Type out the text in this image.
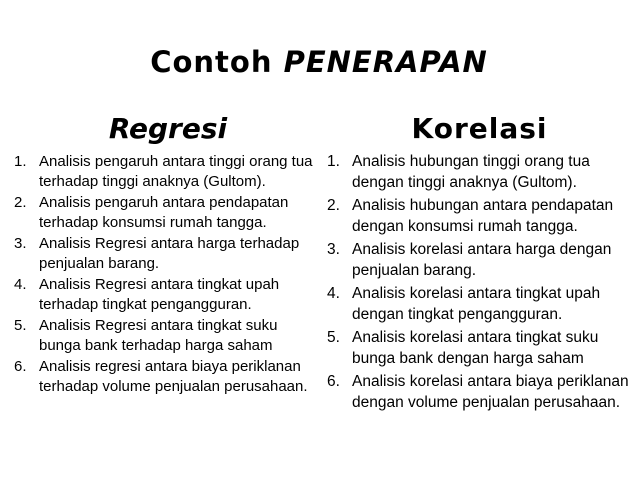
Contoh PENERAPAN
Regresi
1. Analisis pengaruh antara tinggi orang tua terhadap tinggi anaknya (Gultom).
2. Analisis pengaruh antara pendapatan terhadap konsumsi rumah tangga.
3. Analisis Regresi antara harga terhadap penjualan barang.
4. Analisis Regresi antara tingkat upah terhadap tingkat pengangguran.
5. Analisis Regresi antara tingkat suku bunga bank terhadap harga saham
6. Analisis regresi antara biaya periklanan terhadap volume penjualan perusahaan.
Korelasi
1. Analisis hubungan tinggi orang tua dengan tinggi anaknya (Gultom).
2. Analisis hubungan antara pendapatan dengan konsumsi rumah tangga.
3. Analisis korelasi antara harga dengan penjualan barang.
4. Analisis korelasi antara tingkat upah dengan tingkat pengangguran.
5. Analisis korelasi antara tingkat suku bunga bank dengan harga saham
6. Analisis korelasi antara biaya periklanan dengan volume penjualan perusahaan.
